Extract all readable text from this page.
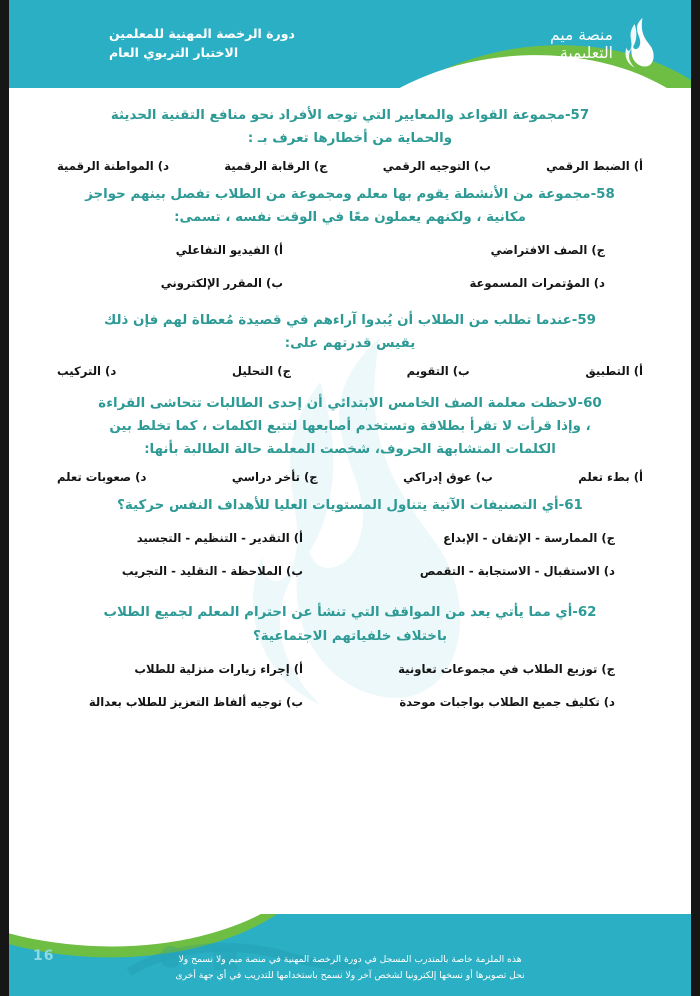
منصة ميم
التعليمية
دورة الرخصة المهنية للمعلمين
الاختبار التربوي العام
57-مجموعة القواعد والمعايير التي توجه الأفراد نحو منافع التقنية الحديثة
والحماية من أخطارها تعرف بـ :
أ) الضبط الرقمي
ب) التوجيه الرقمي
ج) الرقابة الرقمية
د) المواطنة الرقمية
58-مجموعة من الأنشطة يقوم بها معلم ومجموعة من الطلاب تفصل بينهم حواجز
مكانية ، ولكنهم يعملون معًا في الوقت نفسه ، تسمى:
ج) الصف الافتراضي
أ) الفيديو التفاعلي
د) المؤتمرات المسموعة
ب) المقرر الإلكتروني
59-عندما تطلب من الطلاب أن يُبدوا آراءهم في قصيدة مُعطاة لهم فإن ذلك
يقيس قدرتهم على:
أ) التطبيق
ب) التقويم
ج) التحليل
د) التركيب
60-لاحظت معلمة الصف الخامس الابتدائي أن إحدى الطالبات تتحاشى القراءة
، وإذا قرأت لا تقرأ بطلاقة وتستخدم أصابعها لتتبع الكلمات ، كما تخلط بين
الكلمات المتشابهة الحروف، شخصت المعلمة حالة الطالبة بأنها:
أ) بطء تعلم
ب) عوق إدراكي
ج) تأخر دراسي
د) صعوبات تعلم
61-أي التصنيفات الآتية يتناول المستويات العليا للأهداف النفس حركية؟
ج) الممارسة - الإتقان - الإبداع
أ) التقدير - التنظيم - التجسيد
د) الاستقبال - الاستجابة - التقمص
ب) الملاحظة - التقليد - التجريب
62-أي مما يأتي يعد من المواقف التي تنشأ عن احترام المعلم لجميع الطلاب
باختلاف خلفياتهم الاجتماعية؟
ج) توزيع الطلاب في مجموعات تعاونية
أ) إجراء زيارات منزلية للطلاب
د) تكليف جميع الطلاب بواجبات موحدة
ب) توجيه ألفاظ التعزيز للطلاب بعدالة
16	هذه الملزمة خاصة بالمتدرب المسجل في دورة الرخصة المهنية في منصة ميم ولا نسمح ولا
نحل تصويرها أو نسخها إلكترونيا لشخص آخر ولا نسمح باستخدامها للتدريب في أي جهة أخرى
